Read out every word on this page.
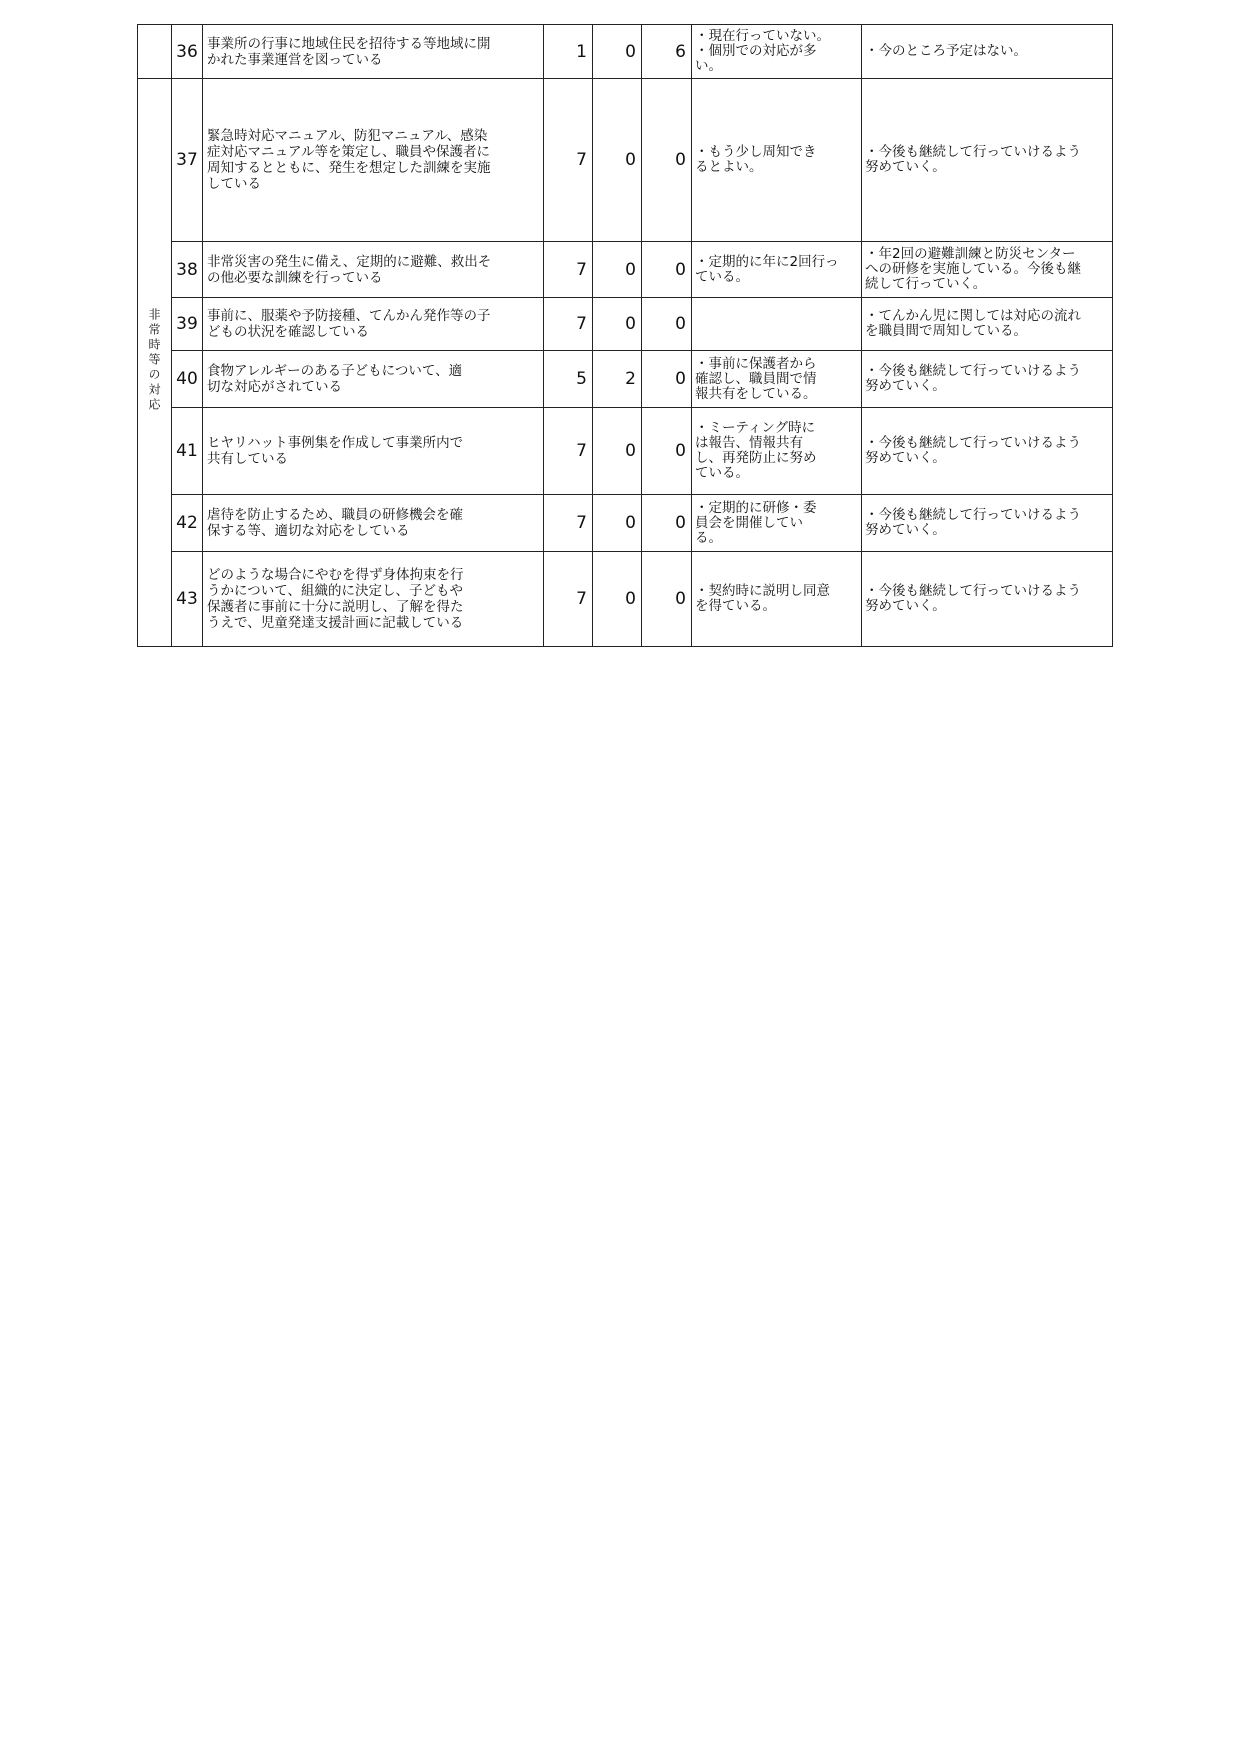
	36	事業所の行事に地域住民を招待する等地域に開
かれた事業運営を図っている	1	0	6	・現在行っていない。
・個別での対応が多
い。	・今のところ予定はない。

非常時等の対応	37	緊急時対応マニュアル、防犯マニュアル、感染
症対応マニュアル等を策定し、職員や保護者に
周知するとともに、発生を想定した訓練を実施
している	7	0	0	・もう少し周知でき
るとよい。	・今後も継続して行っていけるよう
努めていく。

	38	非常災害の発生に備え、定期的に避難、救出そ
の他必要な訓練を行っている	7	0	0	・定期的に年に2回行っ
ている。	・年2回の避難訓練と防災センター
への研修を実施している。今後も継
続して行っていく。

	39	事前に、服薬や予防接種、てんかん発作等の子
どもの状況を確認している	7	0	0		・てんかん児に関しては対応の流れ
を職員間で周知している。

	40	食物アレルギーのある子どもについて、適
切な対応がされている	5	2	0	・事前に保護者から
確認し、職員間で情
報共有をしている。	・今後も継続して行っていけるよう
努めていく。

	41	ヒヤリハット事例集を作成して事業所内で
共有している	7	0	0	・ミーティング時に
は報告、情報共有
し、再発防止に努め
ている。	・今後も継続して行っていけるよう
努めていく。

	42	虐待を防止するため、職員の研修機会を確
保する等、適切な対応をしている	7	0	0	・定期的に研修・委
員会を開催してい
る。	・今後も継続して行っていけるよう
努めていく。

	43	どのような場合にやむを得ず身体拘束を行
うかについて、組織的に決定し、子どもや
保護者に事前に十分に説明し、了解を得た
うえで、児童発達支援計画に記載している	7	0	0	・契約時に説明し同意
を得ている。	・今後も継続して行っていけるよう
努めていく。
